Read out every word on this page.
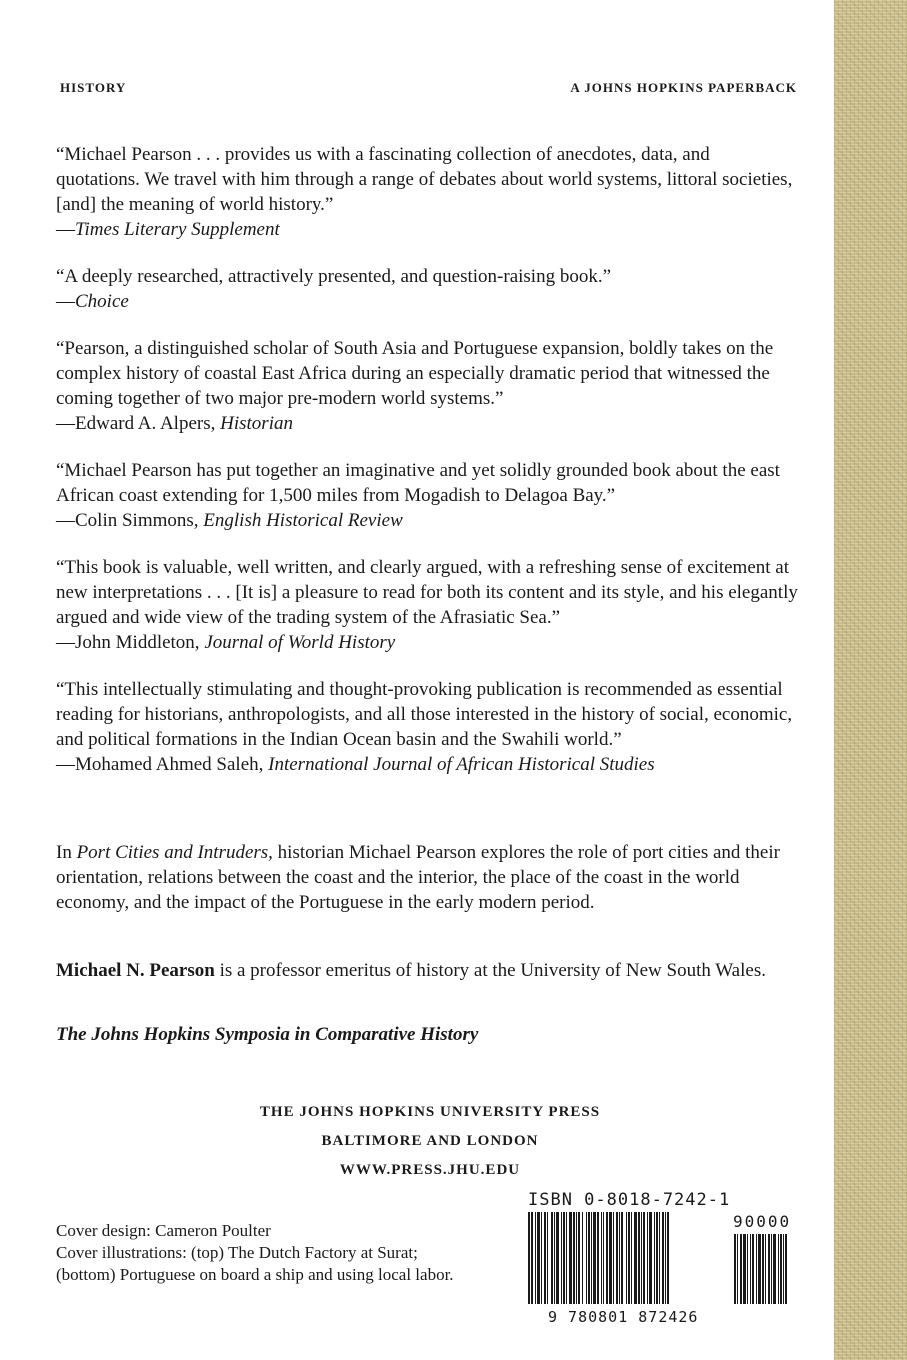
HISTORY	A JOHNS HOPKINS PAPERBACK
“Michael Pearson . . . provides us with a fascinating collection of anecdotes, data, and quotations. We travel with him through a range of debates about world systems, littoral societies, [and] the meaning of world history.”
—Times Literary Supplement
“A deeply researched, attractively presented, and question-raising book.”
—Choice
“Pearson, a distinguished scholar of South Asia and Portuguese expansion, boldly takes on the complex history of coastal East Africa during an especially dramatic period that witnessed the coming together of two major pre-modern world systems.”
—Edward A. Alpers, Historian
“Michael Pearson has put together an imaginative and yet solidly grounded book about the east African coast extending for 1,500 miles from Mogadish to Delagoa Bay.”
—Colin Simmons, English Historical Review
“This book is valuable, well written, and clearly argued, with a refreshing sense of excitement at new interpretations . . . [It is] a pleasure to read for both its content and its style, and his elegantly argued and wide view of the trading system of the Afrasiatic Sea.”
—John Middleton, Journal of World History
“This intellectually stimulating and thought-provoking publication is recommended as essential reading for historians, anthropologists, and all those interested in the history of social, economic, and political formations in the Indian Ocean basin and the Swahili world.”
—Mohamed Ahmed Saleh, International Journal of African Historical Studies
In Port Cities and Intruders, historian Michael Pearson explores the role of port cities and their orientation, relations between the coast and the interior, the place of the coast in the world economy, and the impact of the Portuguese in the early modern period.
Michael N. Pearson is a professor emeritus of history at the University of New South Wales.
The Johns Hopkins Symposia in Comparative History
THE JOHNS HOPKINS UNIVERSITY PRESS
BALTIMORE AND LONDON
WWW.PRESS.JHU.EDU
Cover design: Cameron Poulter
Cover illustrations: (top) The Dutch Factory at Surat;
(bottom) Portuguese on board a ship and using local labor.
ISBN 0-8018-7242-1
90000
9 780801 872426
